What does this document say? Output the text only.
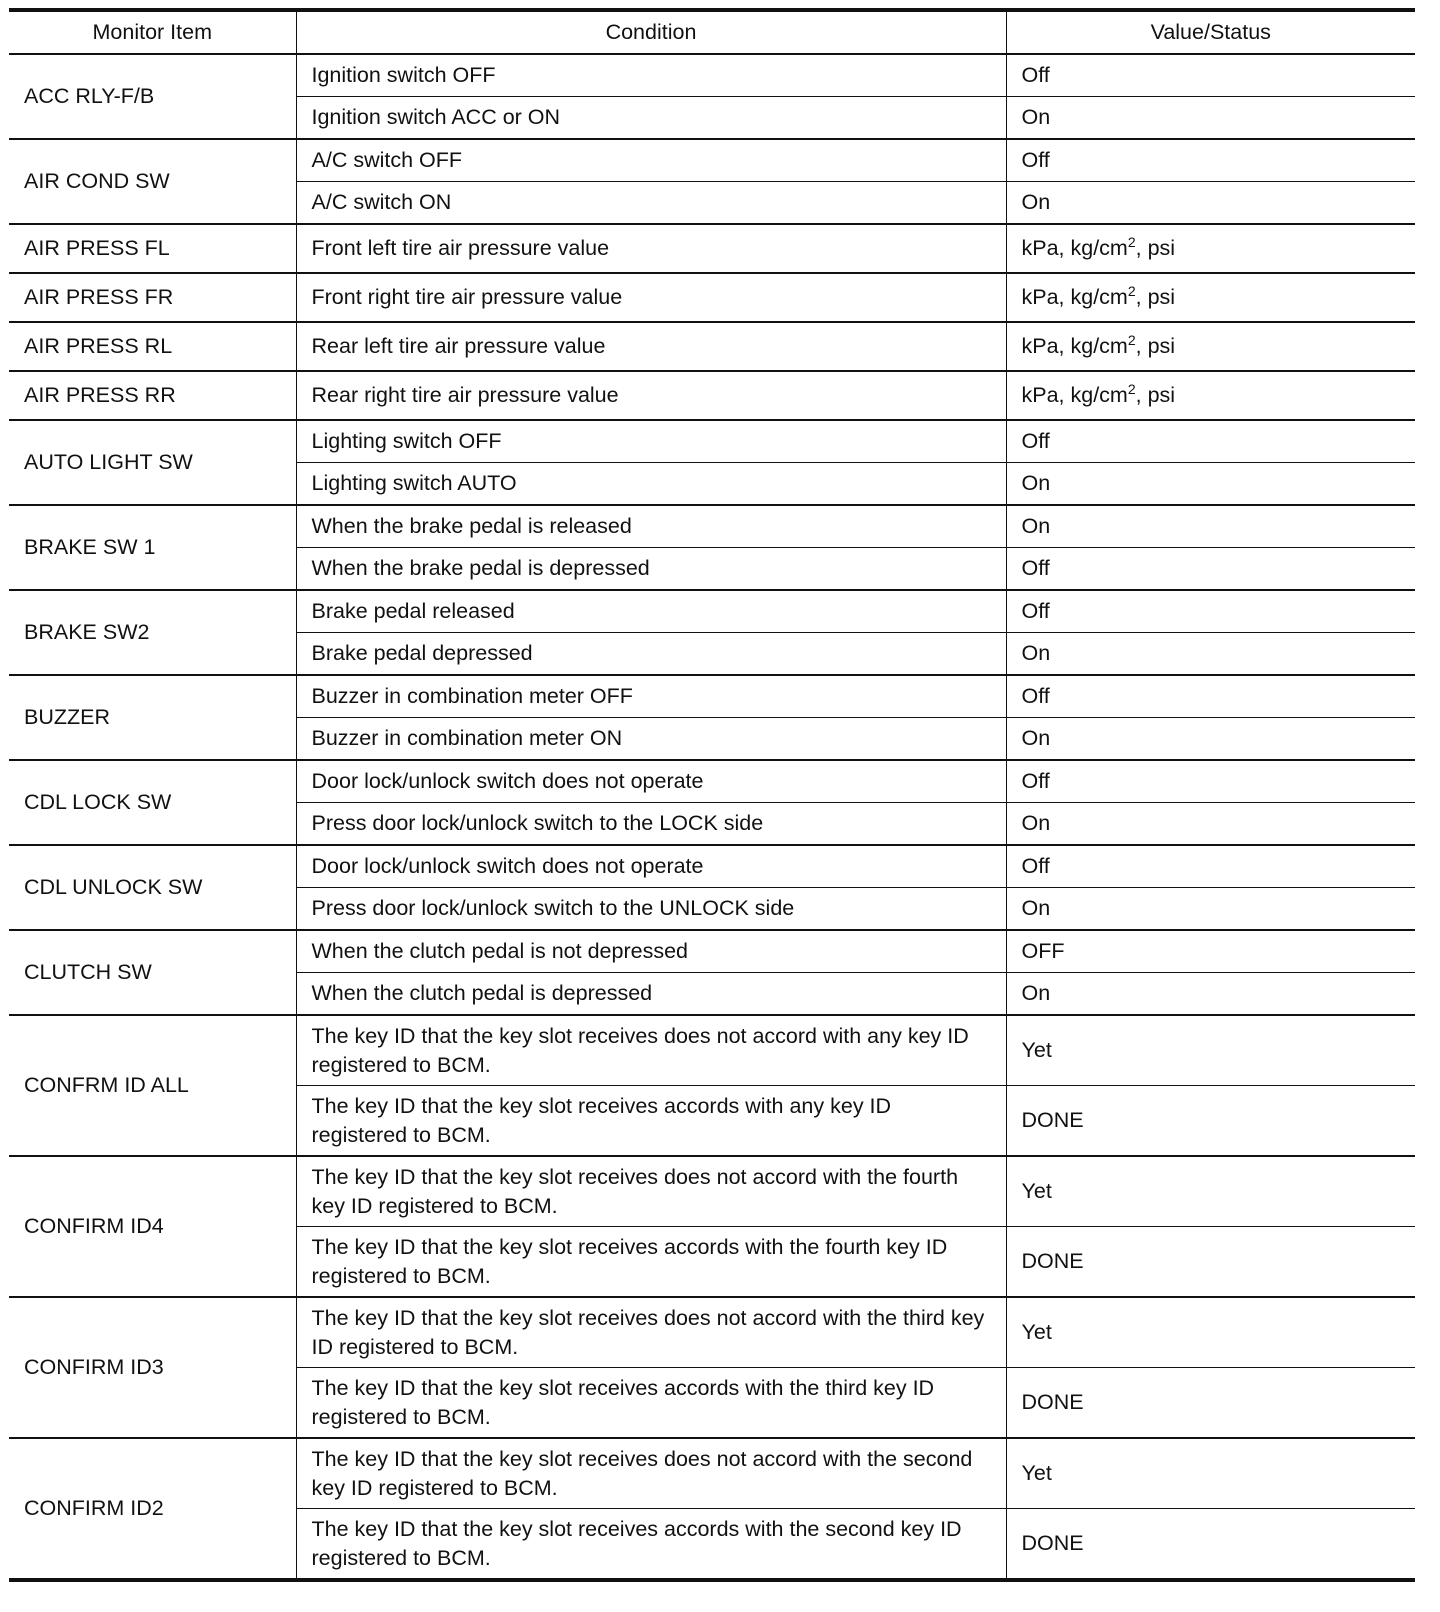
Monitor Item	Condition	Value/Status
ACC RLY-F/B	Ignition switch OFF	Off
	Ignition switch ACC or ON	On
AIR COND SW	A/C switch OFF	Off
	A/C switch ON	On
AIR PRESS FL	Front left tire air pressure value	kPa, $kg/cm^2$, psi
AIR PRESS FR	Front right tire air pressure value	kPa, $kg/cm^2$, psi
AIR PRESS RL	Rear left tire air pressure value	kPa, $kg/cm^2$, psi
AIR PRESS RR	Rear right tire air pressure value	kPa, $kg/cm^2$, psi
AUTO LIGHT SW	Lighting switch OFF	Off
	Lighting switch AUTO	On
BRAKE SW 1	When the brake pedal is released	On
	When the brake pedal is depressed	Off
BRAKE SW2	Brake pedal released	Off
	Brake pedal depressed	On
BUZZER	Buzzer in combination meter OFF	Off
	Buzzer in combination meter ON	On
CDL LOCK SW	Door lock/unlock switch does not operate	Off
	Press door lock/unlock switch to the LOCK side	On
CDL UNLOCK SW	Door lock/unlock switch does not operate	Off
	Press door lock/unlock switch to the UNLOCK side	On
CLUTCH SW	When the clutch pedal is not depressed	OFF
	When the clutch pedal is depressed	On
CONFRM ID ALL	The key ID that the key slot receives does not accord with any key ID registered to BCM.	Yet
	The key ID that the key slot receives accords with any key ID registered to BCM.	DONE
CONFIRM ID4	The key ID that the key slot receives does not accord with the fourth key ID registered to BCM.	Yet
	The key ID that the key slot receives accords with the fourth key ID registered to BCM.	DONE
CONFIRM ID3	The key ID that the key slot receives does not accord with the third key ID registered to BCM.	Yet
	The key ID that the key slot receives accords with the third key ID registered to BCM.	DONE
CONFIRM ID2	The key ID that the key slot receives does not accord with the second key ID registered to BCM.	Yet
	The key ID that the key slot receives accords with the second key ID registered to BCM.	DONE
